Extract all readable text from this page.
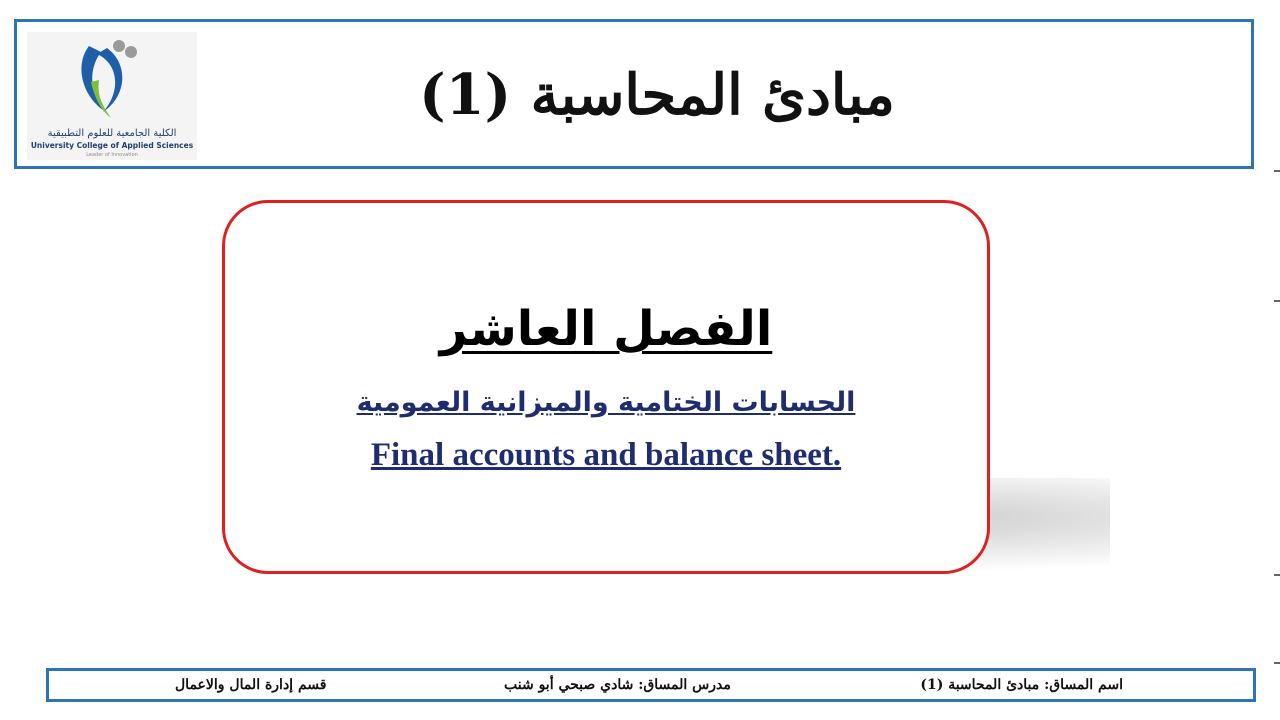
الكلية الجامعية للعلوم التطبيقية
University College of Applied Sciences
Leader of Innovation
مبادئ المحاسبة (1)
الفصل العاشر
الحسابات الختامية والميزانية العمومية
Final accounts and balance sheet.
اسم المساق: مبادئ المحاسبة (1)
مدرس المساق: شادي صبحي أبو شنب
قسم إدارة المال والاعمال
